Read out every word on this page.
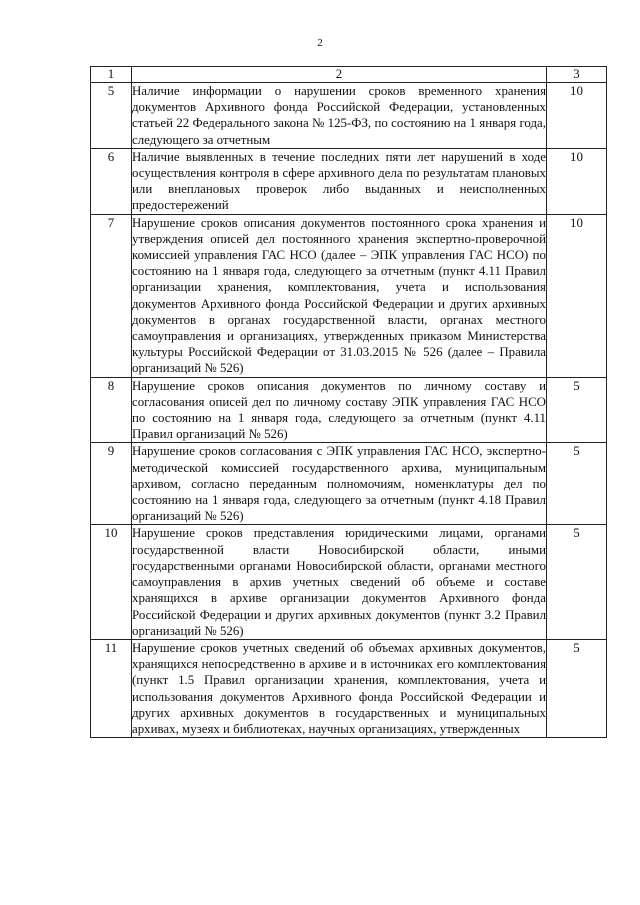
2
1	2	3
5	Наличие информации о нарушении сроков временного хранения документов Архивного фонда Российской Федерации, установленных статьей 22 Федерального закона № 125-ФЗ, по состоянию на 1 января года, следующего за отчетным	10
6	Наличие выявленных в течение последних пяти лет нарушений в ходе осуществления контроля в сфере архивного дела по результатам плановых или внеплановых проверок либо выданных и неисполненных предостережений	10
7	Нарушение сроков описания документов постоянного срока хранения и утверждения описей дел постоянного хранения экспертно-проверочной комиссией управления ГАС НСО (далее – ЭПК управления ГАС НСО) по состоянию на 1 января года, следующего за отчетным (пункт 4.11 Правил организации хранения, комплектования, учета и использования документов Архивного фонда Российской Федерации и других архивных документов в органах государственной власти, органах местного самоуправления и организациях, утвержденных приказом Министерства культуры Российской Федерации от 31.03.2015 № 526 (далее – Правила организаций № 526)	10
8	Нарушение сроков описания документов по личному составу и согласования описей дел по личному составу ЭПК управления ГАС НСО по состоянию на 1 января года, следующего за отчетным (пункт 4.11 Правил организаций № 526)	5
9	Нарушение сроков согласования с ЭПК управления ГАС НСО, экспертно-методической комиссией государственного архива, муниципальным архивом, согласно переданным полномочиям, номенклатуры дел по состоянию на 1 января года, следующего за отчетным (пункт 4.18 Правил организаций № 526)	5
10	Нарушение сроков представления юридическими лицами, органами государственной власти Новосибирской области, иными государственными органами Новосибирской области, органами местного самоуправления в архив учетных сведений об объеме и составе хранящихся в архиве организации документов Архивного фонда Российской Федерации и других архивных документов (пункт 3.2 Правил организаций № 526)	5
11	Нарушение сроков учетных сведений об объемах архивных документов, хранящихся непосредственно в архиве и в источниках его комплектования (пункт 1.5 Правил организации хранения, комплектования, учета и использования документов Архивного фонда Российской Федерации и других архивных документов в государственных и муниципальных архивах, музеях и библиотеках, научных организациях, утвержденных	5
